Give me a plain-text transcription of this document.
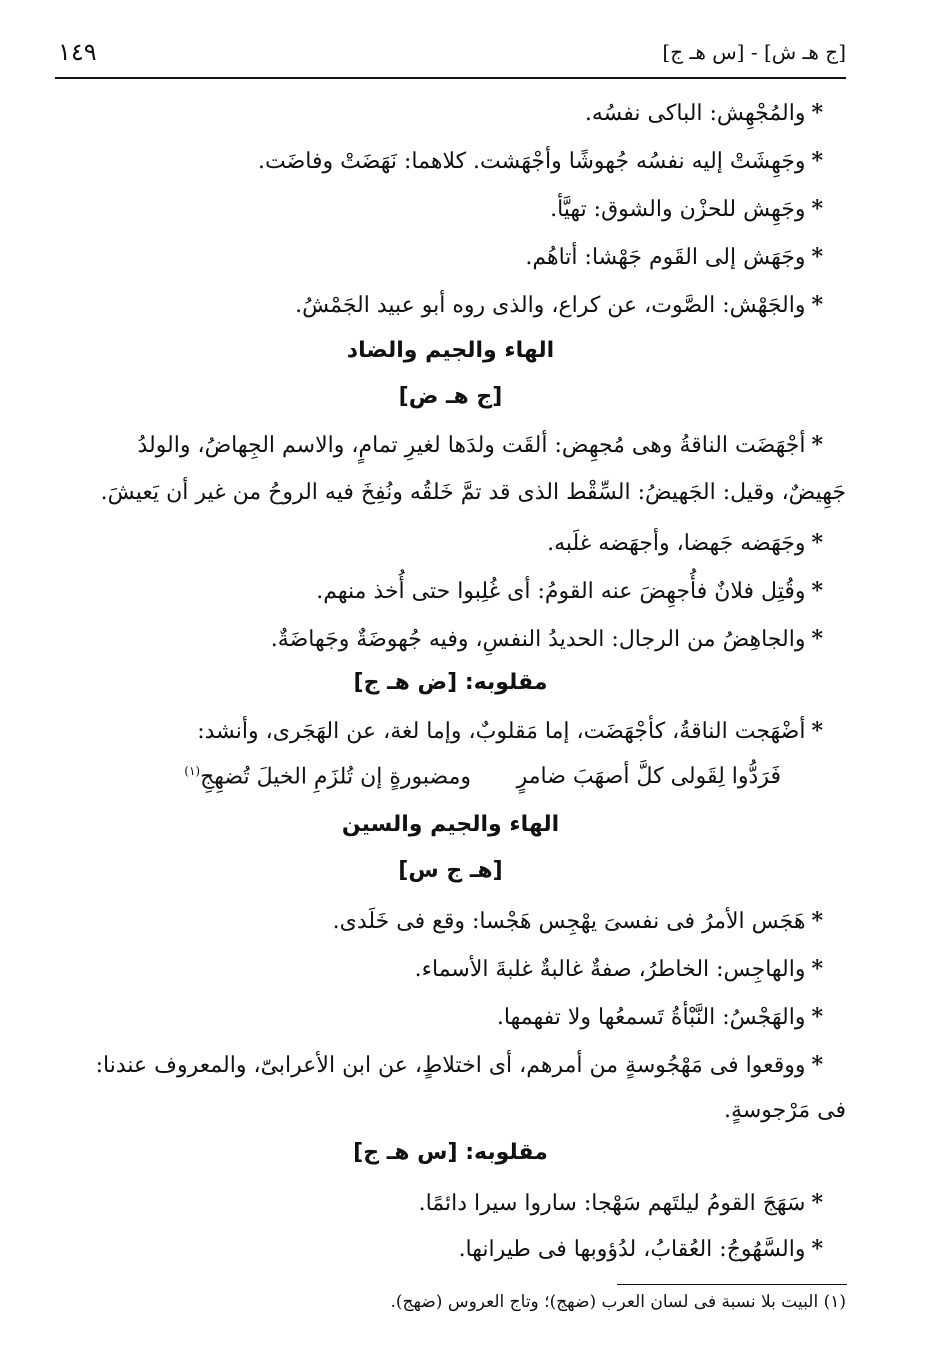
١٤٩	[ج هـ ش] - [س هـ ج]
*والمُجْهِش: الباكى نفسُه.
*وجَهِشَتْ إليه نفسُه جُهوشًا وأجْهَشت. كلاهما: نَهَضَتْ وفاضَت.
*وجَهِش للحزْن والشوق: تهيَّأ.
*وجَهَش إلى القَوم جَهْشا: أتاهُم.
*والجَهْش: الصَّوت، عن كراع، والذى روه أبو عبيد الجَمْشُ.
الهاء والجيم والضاد
[ج هـ ض]
*أجْهَضَت الناقةُ وهى مُجهِض: ألقَت ولدَها لغيرِ تمامٍ، والاسم الجِهاضُ، والولدُ
جَهِيضٌ، وقيل: الجَهيضُ: السِّقْط الذى قد تمَّ خَلقُه ونُفِخَ فيه الروحُ من غير أن يَعيشَ.
*وجَهَضه جَهضا، وأجهَضه غلَبه.
*وقُتِل فلانٌ فأُجهِضَ عنه القومُ: أى غُلِبوا حتى أُخذ منهم.
*والجاهِضُ من الرجال: الحديدُ النفسِ، وفيه جُهوضَةٌ وجَهاضَةٌ.
مقلوبه: [ض هـ ج]
*أضْهَجت الناقةُ، كأجْهَضَت، إما مَقلوبٌ، وإما لغة، عن الهَجَرى، وأنشد:
فَرَدُّوا لِقَولى كلَّ أصهَبَ ضامرٍ
ومضبورةٍ إن تُلزَمِ الخيلَ تُضهِجِ$^{(١)}$
الهاء والجيم والسين
[هـ ج س]
*هَجَس الأمرُ فى نفسىَ يهْجِس هَجْسا: وقع فى خَلَدى.
*والهاجِس: الخاطرُ، صفةٌ غالبةٌ غلبةَ الأسماء.
*والهَجْسُ: النَّبْأةُ تَسمعُها ولا تفهمها.
*ووقعوا فى مَهْجُوسةٍ من أمرهم، أى اختلاطٍ، عن ابن الأعرابىّ، والمعروف عندنا:
فى مَرْجوسةٍ.
مقلوبه: [س هـ ج]
*سَهَجَ القومُ ليلتَهم سَهْجا: ساروا سيرا دائمًا.
*والسَّهُوجُ: العُقابُ، لدُؤوبها فى طيرانها.
(١) البيت بلا نسبة فى لسان العرب (ضهج)؛ وتاج العروس (ضهج).
